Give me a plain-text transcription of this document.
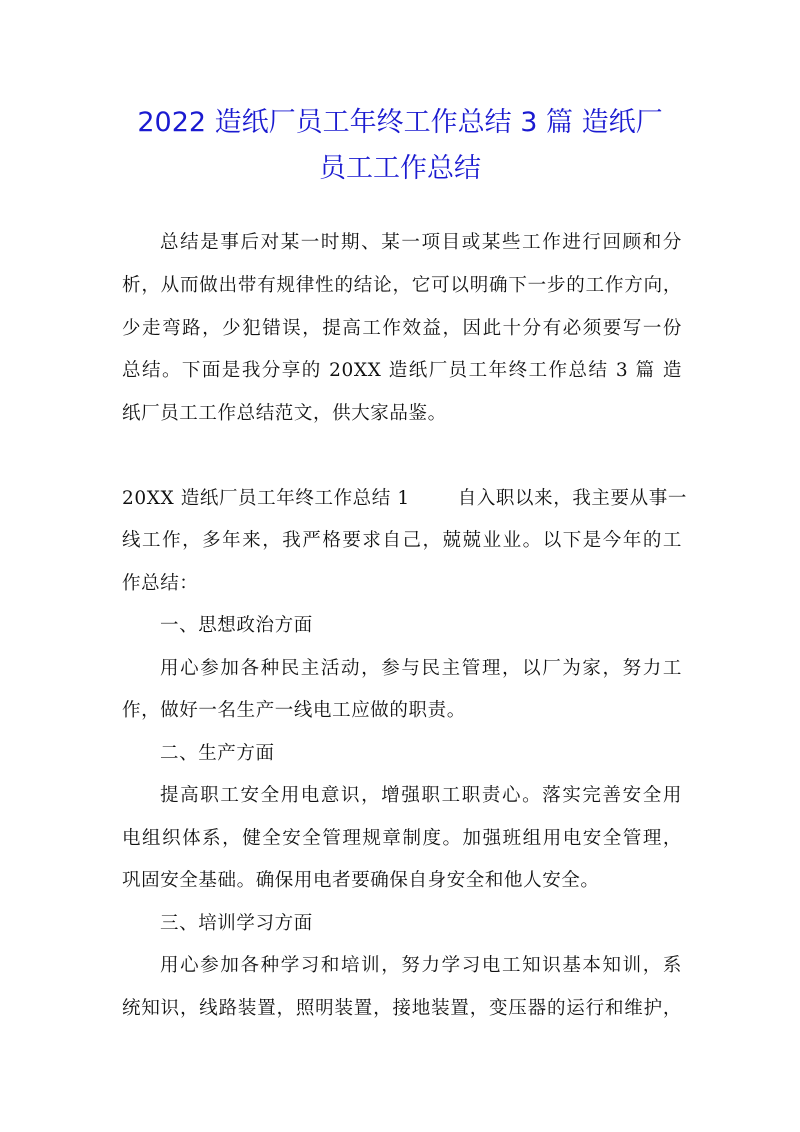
2022 造纸厂员工年终工作总结 3 篇 造纸厂
员工工作总结

总结是事后对某一时期、某一项目或某些工作进行回顾和分

析，从而做出带有规律性的结论，它可以明确下一步的工作方向，

少走弯路，少犯错误，提高工作效益，因此十分有必须要写一份

总结。下面是我分享的 20XX 造纸厂员工年终工作总结 3 篇 造

纸厂员工工作总结范文，供大家品鉴。

20XX 造纸厂员工年终工作总结 1	自入职以来，我主要从事一

线工作，多年来，我严格要求自己，兢兢业业。以下是今年的工

作总结：

一、思想政治方面

用心参加各种民主活动，参与民主管理，以厂为家，努力工

作，做好一名生产一线电工应做的职责。

二、生产方面

提高职工安全用电意识，增强职工职责心。落实完善安全用

电组织体系，健全安全管理规章制度。加强班组用电安全管理，

巩固安全基础。确保用电者要确保自身安全和他人安全。

三、培训学习方面

用心参加各种学习和培训，努力学习电工知识基本知训，系

统知识，线路装置，照明装置，接地装置，变压器的运行和维护，
